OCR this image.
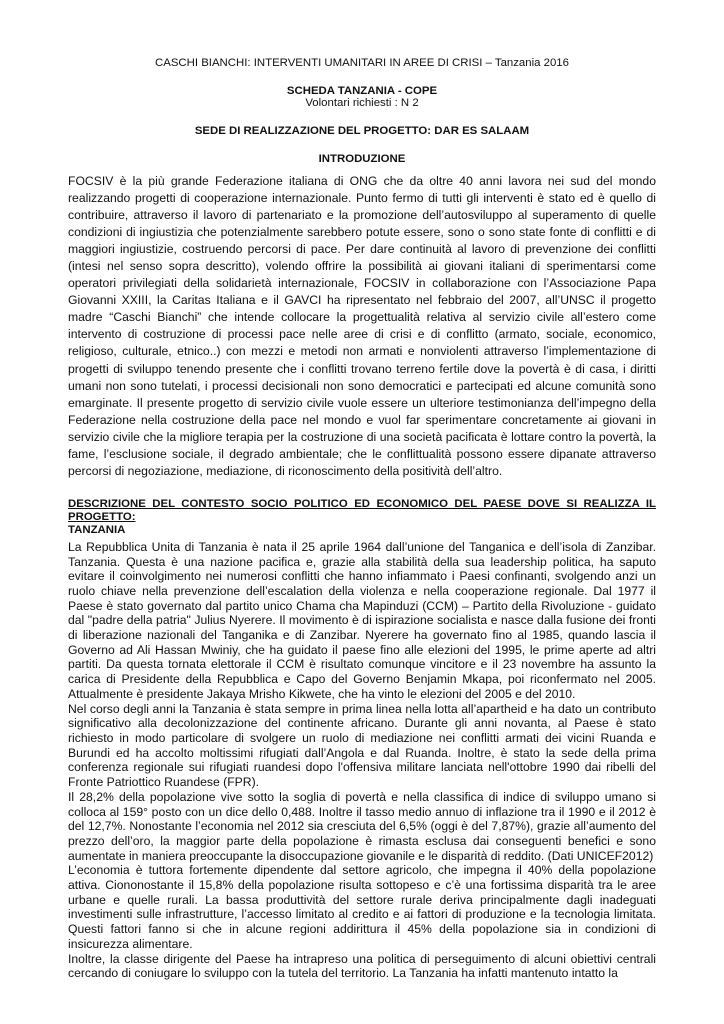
CASCHI BIANCHI: INTERVENTI UMANITARI IN AREE DI CRISI – Tanzania 2016
SCHEDA TANZANIA - COPE
Volontari richiesti : N 2
SEDE DI REALIZZAZIONE DEL PROGETTO: DAR ES SALAAM
INTRODUZIONE

FOCSIV è la più grande Federazione italiana di ONG che da oltre 40 anni lavora nei sud del mondo realizzando progetti di cooperazione internazionale. Punto fermo di tutti gli interventi è stato ed è quello di contribuire, attraverso il lavoro di partenariato e la promozione dell’autosviluppo al superamento di quelle condizioni di ingiustizia che potenzialmente sarebbero potute essere, sono o sono state fonte di conflitti e di maggiori ingiustizie, costruendo percorsi di pace. Per dare continuità al lavoro di prevenzione dei conflitti (intesi nel senso sopra descritto), volendo offrire la possibilità ai giovani italiani di sperimentarsi come operatori privilegiati della solidarietà internazionale, FOCSIV in collaborazione con l’Associazione Papa Giovanni XXIII, la Caritas Italiana e il GAVCI ha ripresentato nel febbraio del 2007, all’UNSC il progetto madre “Caschi Bianchi” che intende collocare la progettualità relativa al servizio civile all’estero come intervento di costruzione di processi pace nelle aree di crisi e di conflitto (armato, sociale, economico, religioso, culturale, etnico..) con mezzi e metodi non armati e nonviolenti attraverso l’implementazione di progetti di sviluppo tenendo presente che i conflitti trovano terreno fertile dove la povertà è di casa, i diritti umani non sono tutelati, i processi decisionali non sono democratici e partecipati ed alcune comunità sono emarginate. Il presente progetto di servizio civile vuole essere un ulteriore testimonianza dell’impegno della Federazione nella costruzione della pace nel mondo e vuol far sperimentare concretamente ai giovani in servizio civile che la migliore terapia per la costruzione di una società pacificata è lottare contro la povertà, la fame, l’esclusione sociale, il degrado ambientale; che le conflittualità possono essere dipanate attraverso percorsi di negoziazione, mediazione, di riconoscimento della positività dell’altro.

DESCRIZIONE DEL CONTESTO SOCIO POLITICO ED ECONOMICO DEL PAESE DOVE SI REALIZZA IL PROGETTO:
TANZANIA

La Repubblica Unita di Tanzania è nata il 25 aprile 1964 dall’unione del Tanganica e dell’isola di Zanzibar. Tanzania. Questa è una nazione pacifica e, grazie alla stabilità della sua leadership politica, ha saputo evitare il coinvolgimento nei numerosi conflitti che hanno infiammato i Paesi confinanti, svolgendo anzi un ruolo chiave nella prevenzione dell’escalation della violenza e nella cooperazione regionale. Dal 1977 il Paese è stato governato dal partito unico Chama cha Mapinduzi (CCM) – Partito della Rivoluzione - guidato dal "padre della patria" Julius Nyerere. Il movimento è di ispirazione socialista e nasce dalla fusione dei fronti di liberazione nazionali del Tanganika e di Zanzibar. Nyerere ha governato fino al 1985, quando lascia il Governo ad Ali Hassan Mwiniy, che ha guidato il paese fino alle elezioni del 1995, le prime aperte ad altri partiti. Da questa tornata elettorale il CCM è risultato comunque vincitore e il 23 novembre ha assunto la carica di Presidente della Repubblica e Capo del Governo Benjamin Mkapa, poi riconfermato nel 2005. Attualmente è presidente Jakaya Mrisho Kikwete, che ha vinto le elezioni del 2005 e del 2010.

Nel corso degli anni la Tanzania è stata sempre in prima linea nella lotta all’apartheid e ha dato un contributo significativo alla decolonizzazione del continente africano. Durante gli anni novanta, al Paese è stato richiesto in modo particolare di svolgere un ruolo di mediazione nei conflitti armati dei vicini Ruanda e Burundi ed ha accolto moltissimi rifugiati dall’Angola e dal Ruanda. Inoltre, è stato la sede della prima conferenza regionale sui rifugiati ruandesi dopo l'offensiva militare lanciata nell'ottobre 1990 dai ribelli del Fronte Patriottico Ruandese (FPR).

Il 28,2% della popolazione vive sotto la soglia di povertà e nella classifica di indice di sviluppo umano si colloca al 159° posto con un dice dello 0,488. Inoltre il tasso medio annuo di inflazione tra il 1990 e il 2012 è del 12,7%. Nonostante l’economia nel 2012 sia cresciuta del 6,5% (oggi è del 7,87%), grazie all’aumento del prezzo dell’oro, la maggior parte della popolazione è rimasta esclusa dai conseguenti benefici e sono aumentate in maniera preoccupante la disoccupazione giovanile e le disparità di reddito. (Dati UNICEF2012)

L’economia è tuttora fortemente dipendente dal settore agricolo, che impegna il 40% della popolazione attiva. Ciononostante il 15,8% della popolazione risulta sottopeso e c’è una fortissima disparità tra le aree urbane e quelle rurali. La bassa produttività del settore rurale deriva principalmente dagli inadeguati investimenti sulle infrastrutture, l’accesso limitato al credito e ai fattori di produzione e la tecnologia limitata. Questi fattori fanno si che in alcune regioni addirittura il 45% della popolazione sia in condizioni di insicurezza alimentare.

Inoltre, la classe dirigente del Paese ha intrapreso una politica di perseguimento di alcuni obiettivi centrali cercando di coniugare lo sviluppo con la tutela del territorio. La Tanzania ha infatti mantenuto intatto la
